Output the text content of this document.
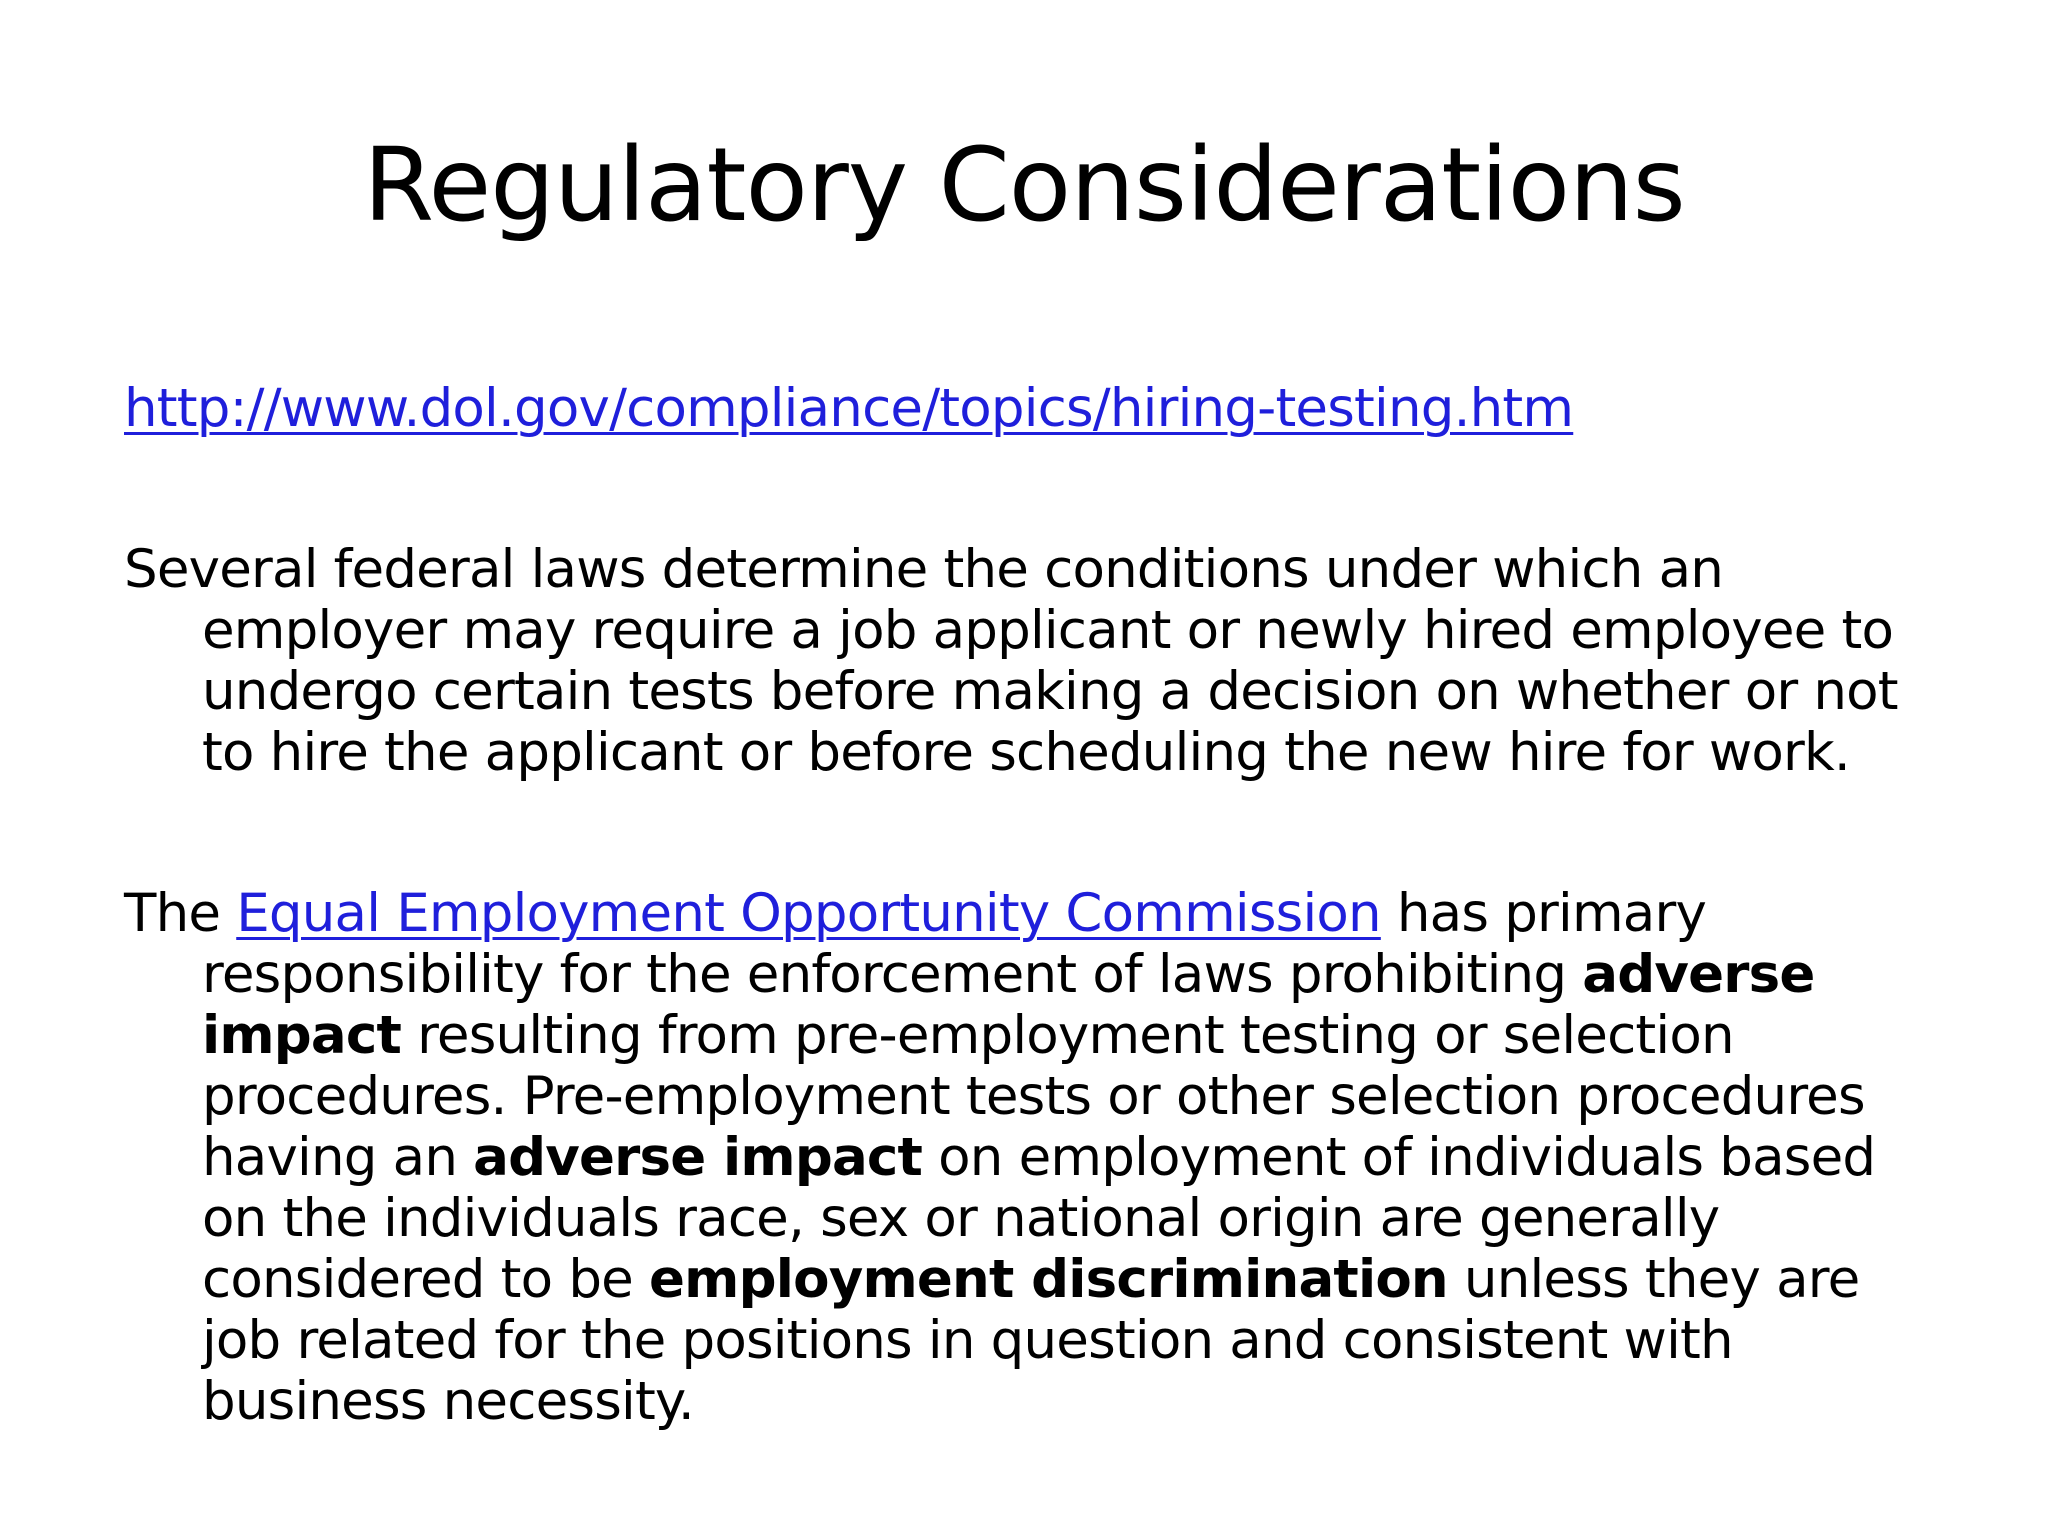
Regulatory Considerations

http://www.dol.gov/compliance/topics/hiring-testing.htm

Several federal laws determine the conditions under which an employer may require a job applicant or newly hired employee to undergo certain tests before making a decision on whether or not to hire the applicant or before scheduling the new hire for work.

The Equal Employment Opportunity Commission has primary responsibility for the enforcement of laws prohibiting adverse impact resulting from pre-employment testing or selection procedures. Pre-employment tests or other selection procedures having an adverse impact on employment of individuals based on the individuals race, sex or national origin are generally considered to be employment discrimination unless they are job related for the positions in question and consistent with business necessity.
